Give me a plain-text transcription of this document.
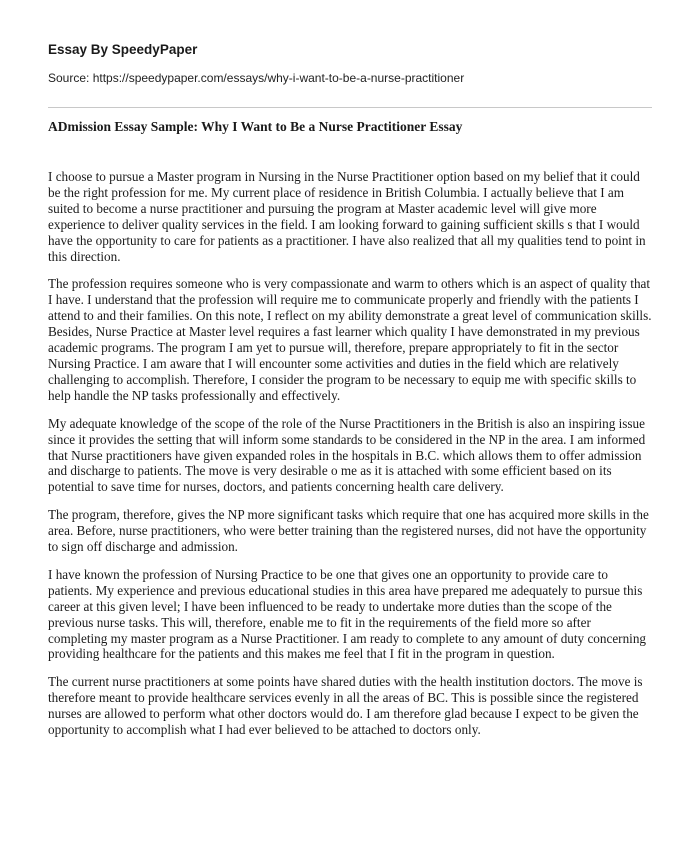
Essay By SpeedyPaper
Source: https://speedypaper.com/essays/why-i-want-to-be-a-nurse-practitioner
ADmission Essay Sample: Why I Want to Be a Nurse Practitioner Essay

I choose to pursue a Master program in Nursing in the Nurse Practitioner option based on my belief that it could be the right profession for me. My current place of residence in British Columbia. I actually believe that I am suited to become a nurse practitioner and pursuing the program at Master academic level will give more experience to deliver quality services in the field. I am looking forward to gaining sufficient skills s that I would have the opportunity to care for patients as a practitioner. I have also realized that all my qualities tend to point in this direction.

The profession requires someone who is very compassionate and warm to others which is an aspect of quality that I have. I understand that the profession will require me to communicate properly and friendly with the patients I attend to and their families. On this note, I reflect on my ability demonstrate a great level of communication skills. Besides, Nurse Practice at Master level requires a fast learner which quality I have demonstrated in my previous academic programs. The program I am yet to pursue will, therefore, prepare appropriately to fit in the sector Nursing Practice. I am aware that I will encounter some activities and duties in the field which are relatively challenging to accomplish. Therefore, I consider the program to be necessary to equip me with specific skills to help handle the NP tasks professionally and effectively.

My adequate knowledge of the scope of the role of the Nurse Practitioners in the British is also an inspiring issue since it provides the setting that will inform some standards to be considered in the NP in the area. I am informed that Nurse practitioners have given expanded roles in the hospitals in B.C. which allows them to offer admission and discharge to patients. The move is very desirable o me as it is attached with some efficient based on its potential to save time for nurses, doctors, and patients concerning health care delivery.

The program, therefore, gives the NP more significant tasks which require that one has acquired more skills in the area. Before, nurse practitioners, who were better training than the registered nurses, did not have the opportunity to sign off discharge and admission.

I have known the profession of Nursing Practice to be one that gives one an opportunity to provide care to patients. My experience and previous educational studies in this area have prepared me adequately to pursue this career at this given level; I have been influenced to be ready to undertake more duties than the scope of the previous nurse tasks. This will, therefore, enable me to fit in the requirements of the field more so after completing my master program as a Nurse Practitioner. I am ready to complete to any amount of duty concerning providing healthcare for the patients and this makes me feel that I fit in the program in question.

The current nurse practitioners at some points have shared duties with the health institution doctors. The move is therefore meant to provide healthcare services evenly in all the areas of BC. This is possible since the registered nurses are allowed to perform what other doctors would do. I am therefore glad because I expect to be given the opportunity to accomplish what I had ever believed to be attached to doctors only.
